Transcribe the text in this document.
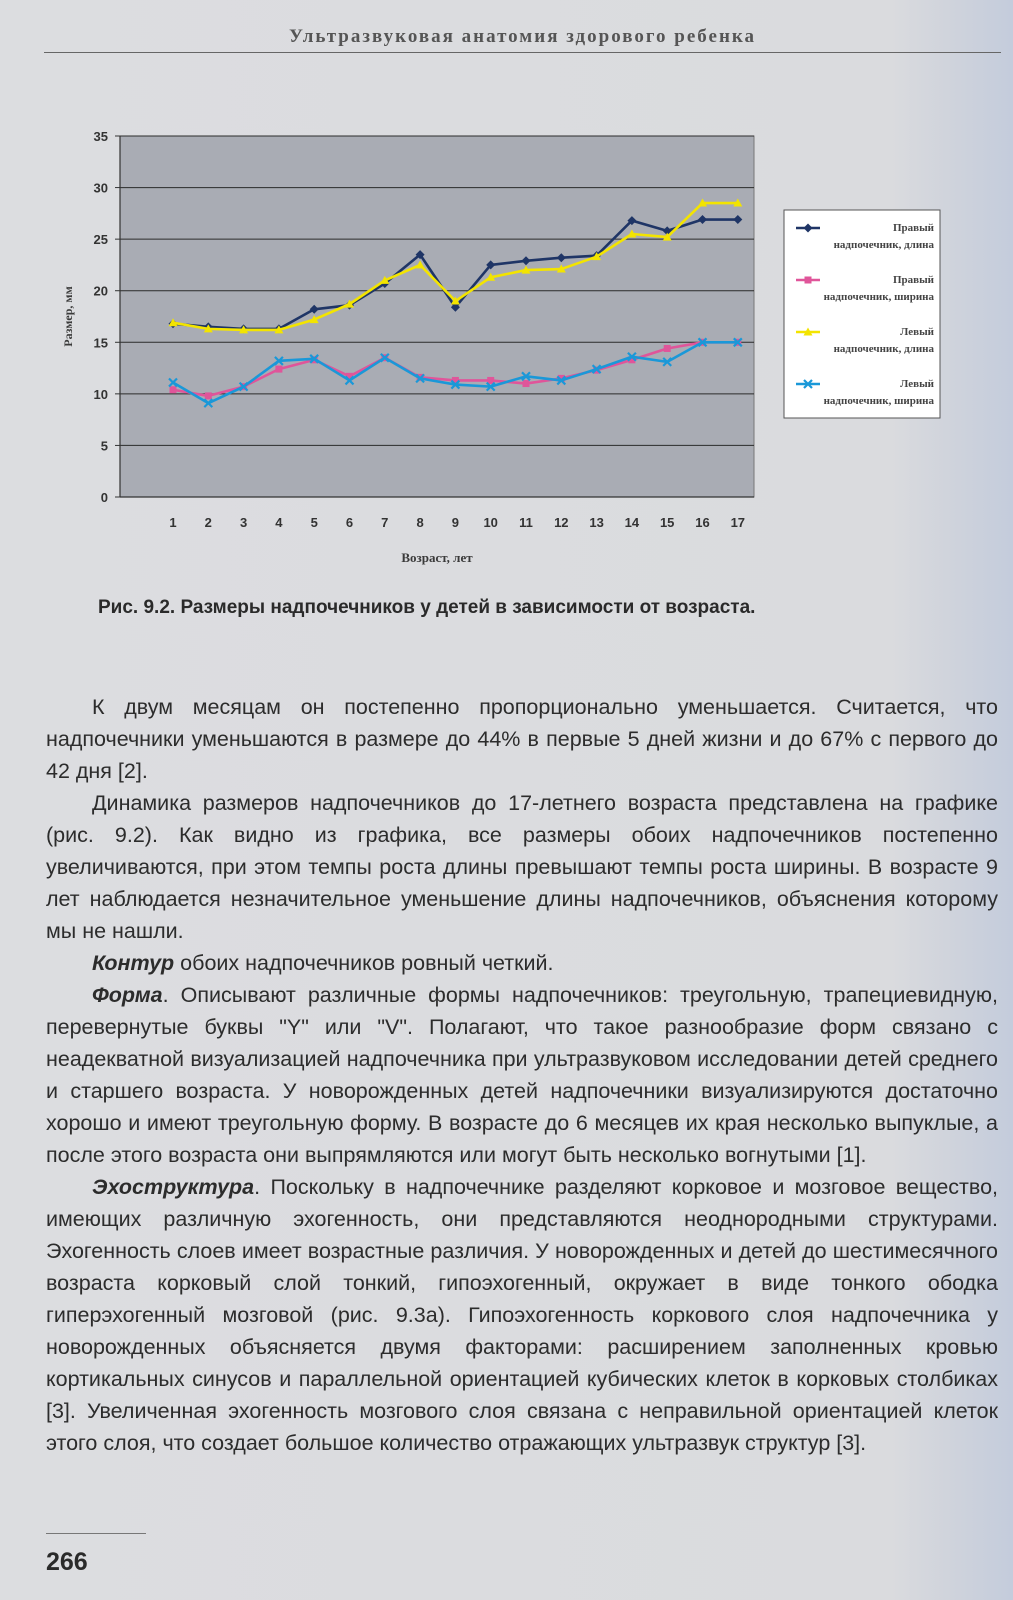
Ультразвуковая анатомия здорового ребенка
0
5
10
15
20
25
30
35
1 2 3 4 5 6 7 8 9 10 11 12 13 14 15 16 17
Размер, мм
Возраст, лет
Правый надпочечник, длина
Правый надпочечник, ширина
Левый надпочечник, длина
Левый надпочечник, ширина
Рис. 9.2. Размеры надпочечников у детей в зависимости от возраста.

К двум месяцам он постепенно пропорционально уменьшается. Считается, что надпочечники уменьшаются в размере до 44% в первые 5 дней жизни и до 67% с первого до 42 дня [2].

Динамика размеров надпочечников до 17-летнего возраста представлена на графике (рис. 9.2). Как видно из графика, все размеры обоих надпочечников постепенно увеличиваются, при этом темпы роста длины превышают темпы роста ширины. В возрасте 9 лет наблюдается незначительное уменьшение длины надпочечников, объяснения которому мы не нашли.

Контур обоих надпочечников ровный четкий.

Форма. Описывают различные формы надпочечников: треугольную, трапециевидную, перевернутые буквы "Y" или "V". Полагают, что такое разнообразие форм связано с неадекватной визуализацией надпочечника при ультразвуковом исследовании детей среднего и старшего возраста. У новорожденных детей надпочечники визуализируются достаточно хорошо и имеют треугольную форму. В возрасте до 6 месяцев их края несколько выпуклые, а после этого возраста они выпрямляются или могут быть несколько вогнутыми [1].

Эхоструктура. Поскольку в надпочечнике разделяют корковое и мозговое вещество, имеющих различную эхогенность, они представляются неоднородными структурами. Эхогенность слоев имеет возрастные различия. У новорожденных и детей до шестимесячного возраста корковый слой тонкий, гипоэхогенный, окружает в виде тонкого ободка гиперэхогенный мозговой (рис. 9.3а). Гипоэхогенность коркового слоя надпочечника у новорожденных объясняется двумя факторами: расширением заполненных кровью кортикальных синусов и параллельной ориентацией кубических клеток в корковых столбиках [3]. Увеличенная эхогенность мозгового слоя связана с неправильной ориентацией клеток этого слоя, что создает большое количество отражающих ультразвук структур [3].

266
